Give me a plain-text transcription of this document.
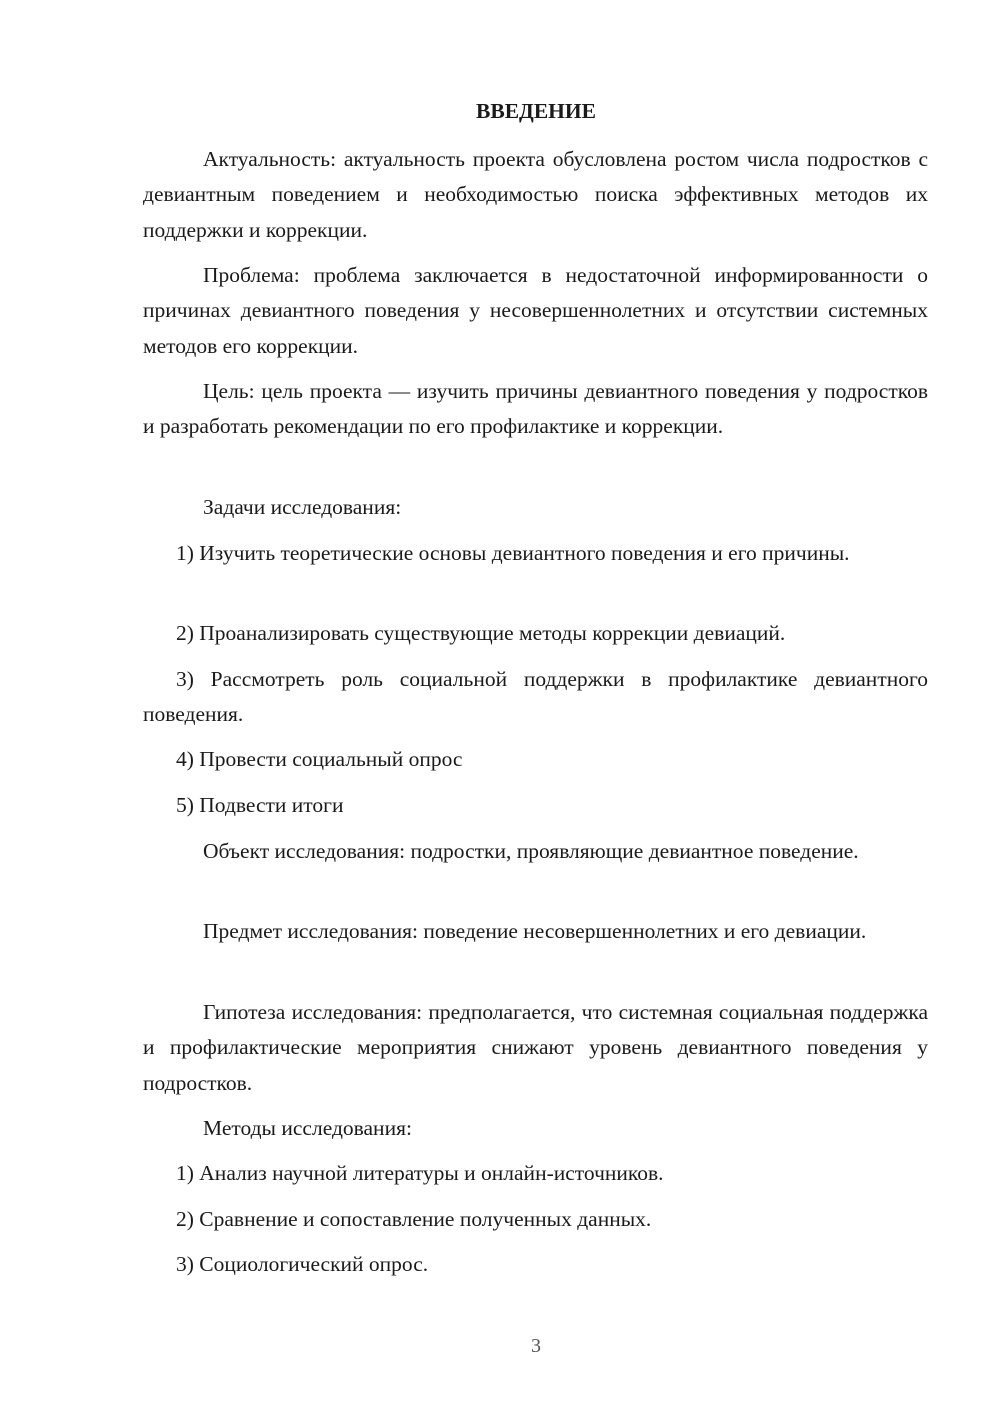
ВВЕДЕНИЕ

Актуальность: актуальность проекта обусловлена ростом числа подростков с девиантным поведением и необходимостью поиска эффективных методов их поддержки и коррекции.

Проблема: проблема заключается в недостаточной информированности о причинах девиантного поведения у несовершеннолетних и отсутствии системных методов его коррекции.

Цель: цель проекта — изучить причины девиантного поведения у подростков и разработать рекомендации по его профилактике и коррекции.

Задачи исследования:

1) Изучить теоретические основы девиантного поведения и его причины.

2) Проанализировать существующие методы коррекции девиаций.

3) Рассмотреть роль социальной поддержки в профилактике девиантного поведения.

4) Провести социальный опрос

5) Подвести итоги

Объект исследования: подростки, проявляющие девиантное поведение.

Предмет исследования: поведение несовершеннолетних и его девиации.

Гипотеза исследования: предполагается, что системная социальная поддержка и профилактические мероприятия снижают уровень девиантного поведения у подростков.

Методы исследования:

1) Анализ научной литературы и онлайн-источников.

2) Сравнение и сопоставление полученных данных.

3) Социологический опрос.

3
